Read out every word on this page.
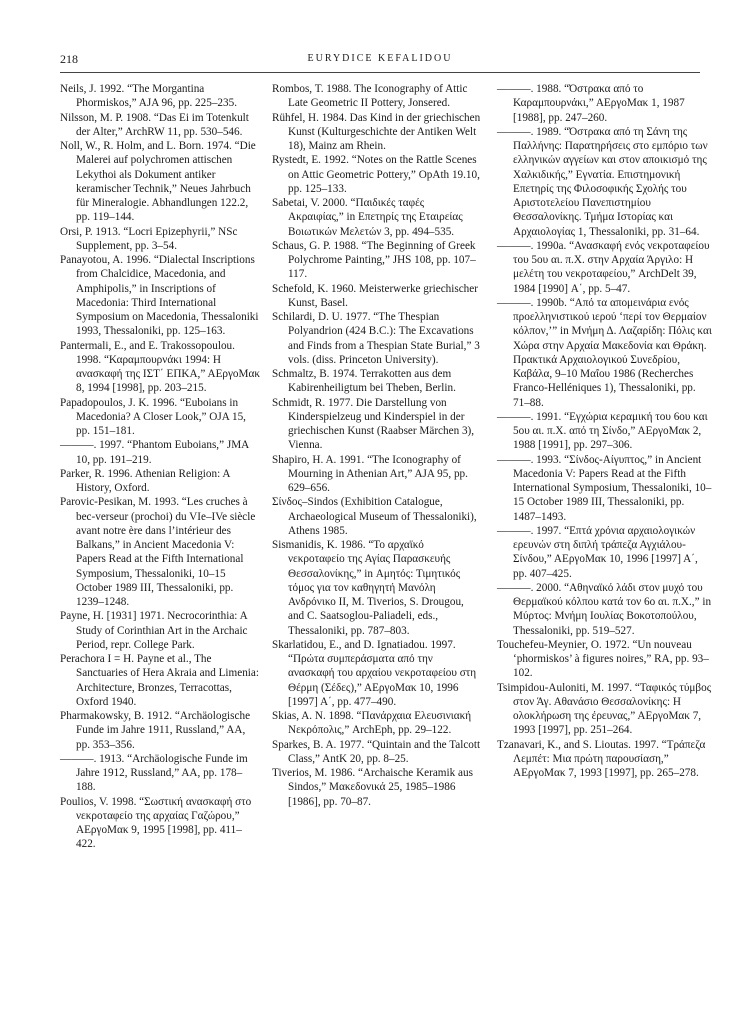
218	EURYDICE KEFALIDOU

Neils, J. 1992. “The Morgantina Phormiskos,” AJA 96, pp. 225–235.

Nilsson, M. P. 1908. “Das Ei im Totenkult der Alter,” ArchRW 11, pp. 530–546.

Noll, W., R. Holm, and L. Born. 1974. “Die Malerei auf polychromen attischen Lekythoi als Dokument antiker keramischer Technik,” Neues Jahrbuch für Mineralogie. Abhandlungen 122.2, pp. 119–144.

Orsi, P. 1913. “Locri Epizephyrii,” NSc Supplement, pp. 3–54.

Panayotou, A. 1996. “Dialectal Inscriptions from Chalcidice, Macedonia, and Amphipolis,” in Inscriptions of Macedonia: Third International Symposium on Macedonia, Thessaloniki 1993, Thessaloniki, pp. 125–163.

Pantermali, E., and E. Trakossopoulou. 1998. “Καραμπουρνάκι 1994: Η ανασκαφή της ΙΣΤ΄ ΕΠΚΑ,” ΑΕργοΜακ 8, 1994 [1998], pp. 203–215.

Papadopoulos, J. K. 1996. “Euboians in Macedonia? A Closer Look,” OJA 15, pp. 151–181.

———. 1997. “Phantom Euboians,” JMA 10, pp. 191–219.

Parker, R. 1996. Athenian Religion: A History, Oxford.

Parovic-Pesikan, M. 1993. “Les cruches à bec-verseur (prochoi) du VIe–IVe siècle avant notre ère dans l’intérieur des Balkans,” in Ancient Macedonia V: Papers Read at the Fifth International Symposium, Thessaloniki, 10–15 October 1989 III, Thessaloniki, pp. 1239–1248.

Payne, H. [1931] 1971. Necrocorinthia: A Study of Corinthian Art in the Archaic Period, repr. College Park.

Perachora I = H. Payne et al., The Sanctuaries of Hera Akraia and Limenia: Architecture, Bronzes, Terracottas, Oxford 1940.

Pharmakowsky, B. 1912. “Archäologische Funde im Jahre 1911, Russland,” AA, pp. 353–356.

———. 1913. “Archäologische Funde im Jahre 1912, Russland,” AA, pp. 178–188.

Poulios, V. 1998. “Σωστική ανασκαφή στο νεκροταφείο της αρχαίας Γαζώρου,” ΑΕργοΜακ 9, 1995 [1998], pp. 411–422.

Rombos, T. 1988. The Iconography of Attic Late Geometric II Pottery, Jonsered.

Rühfel, H. 1984. Das Kind in der griechischen Kunst (Kulturgeschichte der Antiken Welt 18), Mainz am Rhein.

Rystedt, E. 1992. “Notes on the Rattle Scenes on Attic Geometric Pottery,” OpAth 19.10, pp. 125–133.

Sabetai, V. 2000. “Παιδικές ταφές Ακραιφίας,” in Επετηρίς της Εταιρείας Βοιωτικών Μελετών 3, pp. 494–535.

Schaus, G. P. 1988. “The Beginning of Greek Polychrome Painting,” JHS 108, pp. 107–117.

Schefold, K. 1960. Meisterwerke griechischer Kunst, Basel.

Schilardi, D. U. 1977. “The Thespian Polyandrion (424 B.C.): The Excavations and Finds from a Thespian State Burial,” 3 vols. (diss. Princeton University).

Schmaltz, B. 1974. Terrakotten aus dem Kabirenheiligtum bei Theben, Berlin.

Schmidt, R. 1977. Die Darstellung von Kinderspielzeug und Kinderspiel in der griechischen Kunst (Raabser Märchen 3), Vienna.

Shapiro, H. A. 1991. “The Iconography of Mourning in Athenian Art,” AJA 95, pp. 629–656.

Σίνδος–Sindos (Exhibition Catalogue, Archaeological Museum of Thessaloniki), Athens 1985.

Sismanidis, K. 1986. “Το αρχαϊκό νεκροταφείο της Αγίας Παρασκευής Θεσσαλονίκης,” in Αμητός: Τιμητικός τόμος για τον καθηγητή Μανόλη Ανδρόνικο II, M. Tiverios, S. Drougou, and C. Saatsoglou-Paliadeli, eds., Thessaloniki, pp. 787–803.

Skarlatidou, E., and D. Ignatiadou. 1997. “Πρώτα συμπεράσματα από την ανασκαφή του αρχαίου νεκροταφείου στη Θέρμη (Σέδες),” ΑΕργοΜακ 10, 1996 [1997] Α΄, pp. 477–490.

Skias, A. N. 1898. “Πανάρχαια Ελευσινιακή Νεκρόπολις,” ArchEph, pp. 29–122.

Sparkes, B. A. 1977. “Quintain and the Talcott Class,” AntK 20, pp. 8–25.

Tiverios, M. 1986. “Archaische Keramik aus Sindos,” Μακεδονικά 25, 1985–1986 [1986], pp. 70–87.

———. 1988. “Όστρακα από το Καραμπουρνάκι,” ΑΕργοΜακ 1, 1987 [1988], pp. 247–260.

———. 1989. “Όστρακα από τη Σάνη της Παλλήνης: Παρατηρήσεις στο εμπόριο των ελληνικών αγγείων και στον αποικισμό της Χαλκιδικής,” Εγνατία. Επιστημονική Επετηρίς της Φιλοσοφικής Σχολής του Αριστοτελείου Πανεπιστημίου Θεσσαλονίκης. Τμήμα Ιστορίας και Αρχαιολογίας 1, Thessaloniki, pp. 31–64.

———. 1990a. “Ανασκαφή ενός νεκροταφείου του 5ου αι. π.Χ. στην Αρχαία Άργιλο: Η μελέτη του νεκροταφείου,” ArchDelt 39, 1984 [1990] Α΄, pp. 5–47.

———. 1990b. “Από τα απομεινάρια ενός προελληνιστικού ιερού ‘περί τον Θερμαίον κόλπον,’” in Μνήμη Δ. Λαζαρίδη: Πόλις και Χώρα στην Αρχαία Μακεδονία και Θράκη. Πρακτικά Αρχαιολογικού Συνεδρίου, Καβάλα, 9–10 Μαΐου 1986 (Recherches Franco-Helléniques 1), Thessaloniki, pp. 71–88.

———. 1991. “Εγχώρια κεραμική του 6ου και 5ου αι. π.Χ. από τη Σίνδο,” ΑΕργοΜακ 2, 1988 [1991], pp. 297–306.

———. 1993. “Σίνδος-Αίγυπτος,” in Ancient Macedonia V: Papers Read at the Fifth International Symposium, Thessaloniki, 10–15 October 1989 III, Thessaloniki, pp. 1487–1493.

———. 1997. “Επτά χρόνια αρχαιολογικών ερευνών στη διπλή τράπεζα Αγχιάλου-Σίνδου,” ΑΕργοΜακ 10, 1996 [1997] Α΄, pp. 407–425.

———. 2000. “Αθηναϊκό λάδι στον μυχό του Θερμαϊκού κόλπου κατά τον 6ο αι. π.Χ.,” in Μύρτος: Μνήμη Ιουλίας Βοκοτοπούλου, Thessaloniki, pp. 519–527.

Touchefeu-Meynier, O. 1972. “Un nouveau ‘phormiskos’ à figures noires,” RA, pp. 93–102.

Tsimpidou-Auloniti, M. 1997. “Ταφικός τύμβος στον Άγ. Αθανάσιο Θεσσαλονίκης: Η ολοκλήρωση της έρευνας,” ΑΕργοΜακ 7, 1993 [1997], pp. 251–264.

Tzanavari, K., and S. Lioutas. 1997. “Τράπεζα Λεμπέτ: Μια πρώτη παρουσίαση,” ΑΕργοΜακ 7, 1993 [1997], pp. 265–278.
